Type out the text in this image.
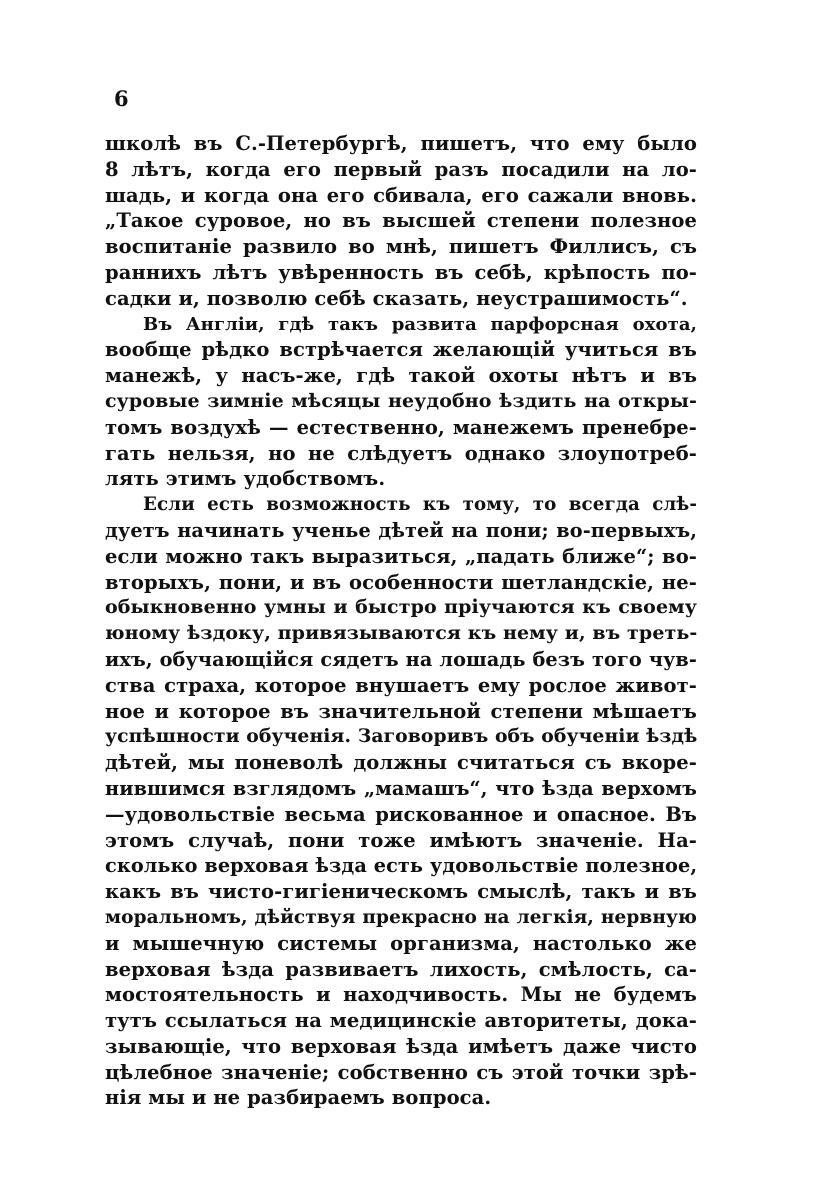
6
школѣ въ С.-Петербургѣ, пишетъ, что ему было
8 лѣтъ, когда его первый разъ посадили на ло-
шадь, и когда она его сбивала, его сажали вновь.
„Такое суровое, но въ высшей степени полезное
воспитаніе развило во мнѣ, пишетъ Филлисъ, съ
раннихъ лѣтъ увѣренность въ себѣ, крѣпость по-
садки и, позволю себѣ сказать, неустрашимость“.
Въ Англіи, гдѣ такъ развита парфорсная охота,
вообще рѣдко встрѣчается желающій учиться въ
манежѣ, у насъ-же, гдѣ такой охоты нѣтъ и въ
суровые зимніе мѣсяцы неудобно ѣздить на откры-
томъ воздухѣ — естественно, манежемъ пренебре-
гать нельзя, но не слѣдуетъ однако злоупотреб-
лять этимъ удобствомъ.
Если есть возможность къ тому, то всегда слѣ-
дуетъ начинать ученье дѣтей на пони; во-первыхъ,
если можно такъ выразиться, „падать ближе“; во-
вторыхъ, пони, и въ особенности шетландскіе, не-
обыкновенно умны и быстро пріучаются къ своему
юному ѣздоку, привязываются къ нему и, въ треть-
ихъ, обучающійся сядетъ на лошадь безъ того чув-
ства страха, которое внушаетъ ему рослое живот-
ное и которое въ значительной степени мѣшаетъ
успѣшности обученія. Заговоривъ объ обученіи ѣздѣ
дѣтей, мы поневолѣ должны считаться съ вкоре-
нившимся взглядомъ „мамашъ“, что ѣзда верхомъ
—удовольствіе весьма рискованное и опасное. Въ
этомъ случаѣ, пони тоже имѣютъ значеніе. На-
сколько верховая ѣзда есть удовольствіе полезное,
какъ въ чисто-гигіеническомъ смыслѣ, такъ и въ
моральномъ, дѣйствуя прекрасно на легкія, нервную
и мышечную системы организма, настолько же
верховая ѣзда развиваетъ лихость, смѣлость, са-
мостоятельность и находчивость. Мы не будемъ
тутъ ссылаться на медицинскіе авторитеты, дока-
зывающіе, что верховая ѣзда имѣетъ даже чисто
цѣлебное значеніе; собственно съ этой точки зрѣ-
нія мы и не разбираемъ вопроса.
